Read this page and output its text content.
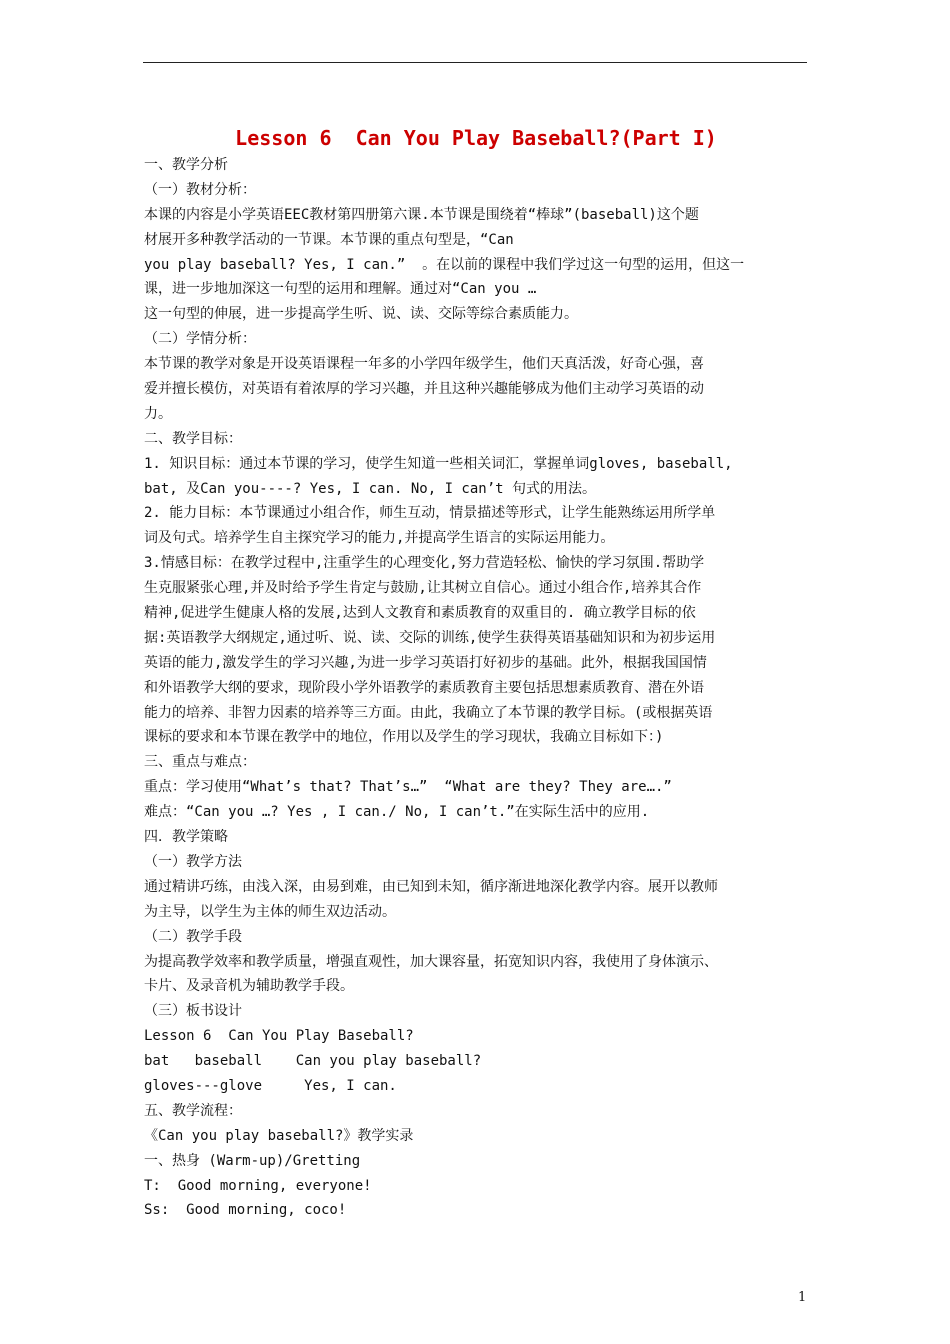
Lesson 6  Can You Play Baseball?(Part I)
一、教学分析
（一）教材分析：
本课的内容是小学英语EEC教材第四册第六课.本节课是围绕着“棒球”(baseball)这个题
材展开多种教学活动的一节课。本节课的重点句型是，“Can
you play baseball? Yes, I can.”  。在以前的课程中我们学过这一句型的运用，但这一
课，进一步地加深这一句型的运用和理解。通过对“Can you …
这一句型的伸展，进一步提高学生听、说、读、交际等综合素质能力。
（二）学情分析：
本节课的教学对象是开设英语课程一年多的小学四年级学生，他们天真活泼，好奇心强，喜
爱并擅长模仿，对英语有着浓厚的学习兴趣，并且这种兴趣能够成为他们主动学习英语的动
力。
二、教学目标：
1. 知识目标：通过本节课的学习，使学生知道一些相关词汇，掌握单词gloves, baseball,
bat, 及Can you----? Yes, I can. No, I can’t 句式的用法。
2. 能力目标：本节课通过小组合作，师生互动，情景描述等形式，让学生能熟练运用所学单
词及句式。培养学生自主探究学习的能力,并提高学生语言的实际运用能力。
3.情感目标：在教学过程中,注重学生的心理变化,努力营造轻松、愉快的学习氛围.帮助学
生克服紧张心理,并及时给予学生肯定与鼓励,让其树立自信心。通过小组合作,培养其合作
精神,促进学生健康人格的发展,达到人文教育和素质教育的双重目的. 确立教学目标的依
据:英语教学大纲规定,通过听、说、读、交际的训练,使学生获得英语基础知识和为初步运用
英语的能力,激发学生的学习兴趣,为进一步学习英语打好初步的基础。此外，根据我国国情
和外语教学大纲的要求，现阶段小学外语教学的素质教育主要包括思想素质教育、潜在外语
能力的培养、非智力因素的培养等三方面。由此，我确立了本节课的教学目标。(或根据英语
课标的要求和本节课在教学中的地位，作用以及学生的学习现状，我确立目标如下：)
三、重点与难点：
重点：学习使用“What’s that? That’s…”  “What are they? They are….”
难点：“Can you …? Yes , I can./ No, I can’t.”在实际生活中的应用.
四．教学策略
（一）教学方法
通过精讲巧练，由浅入深，由易到难，由已知到未知，循序渐进地深化教学内容。展开以教师
为主导，以学生为主体的师生双边活动。
（二）教学手段
为提高教学效率和教学质量，增强直观性，加大课容量，拓宽知识内容，我使用了身体演示、
卡片、及录音机为辅助教学手段。
（三）板书设计
Lesson 6  Can You Play Baseball?
bat   baseball    Can you play baseball?
gloves---glove     Yes, I can.
五、教学流程：
《Can you play baseball?》教学实录
一、热身 (Warm-up)/Gretting
T:  Good morning, everyone!
Ss:  Good morning, coco!
1
